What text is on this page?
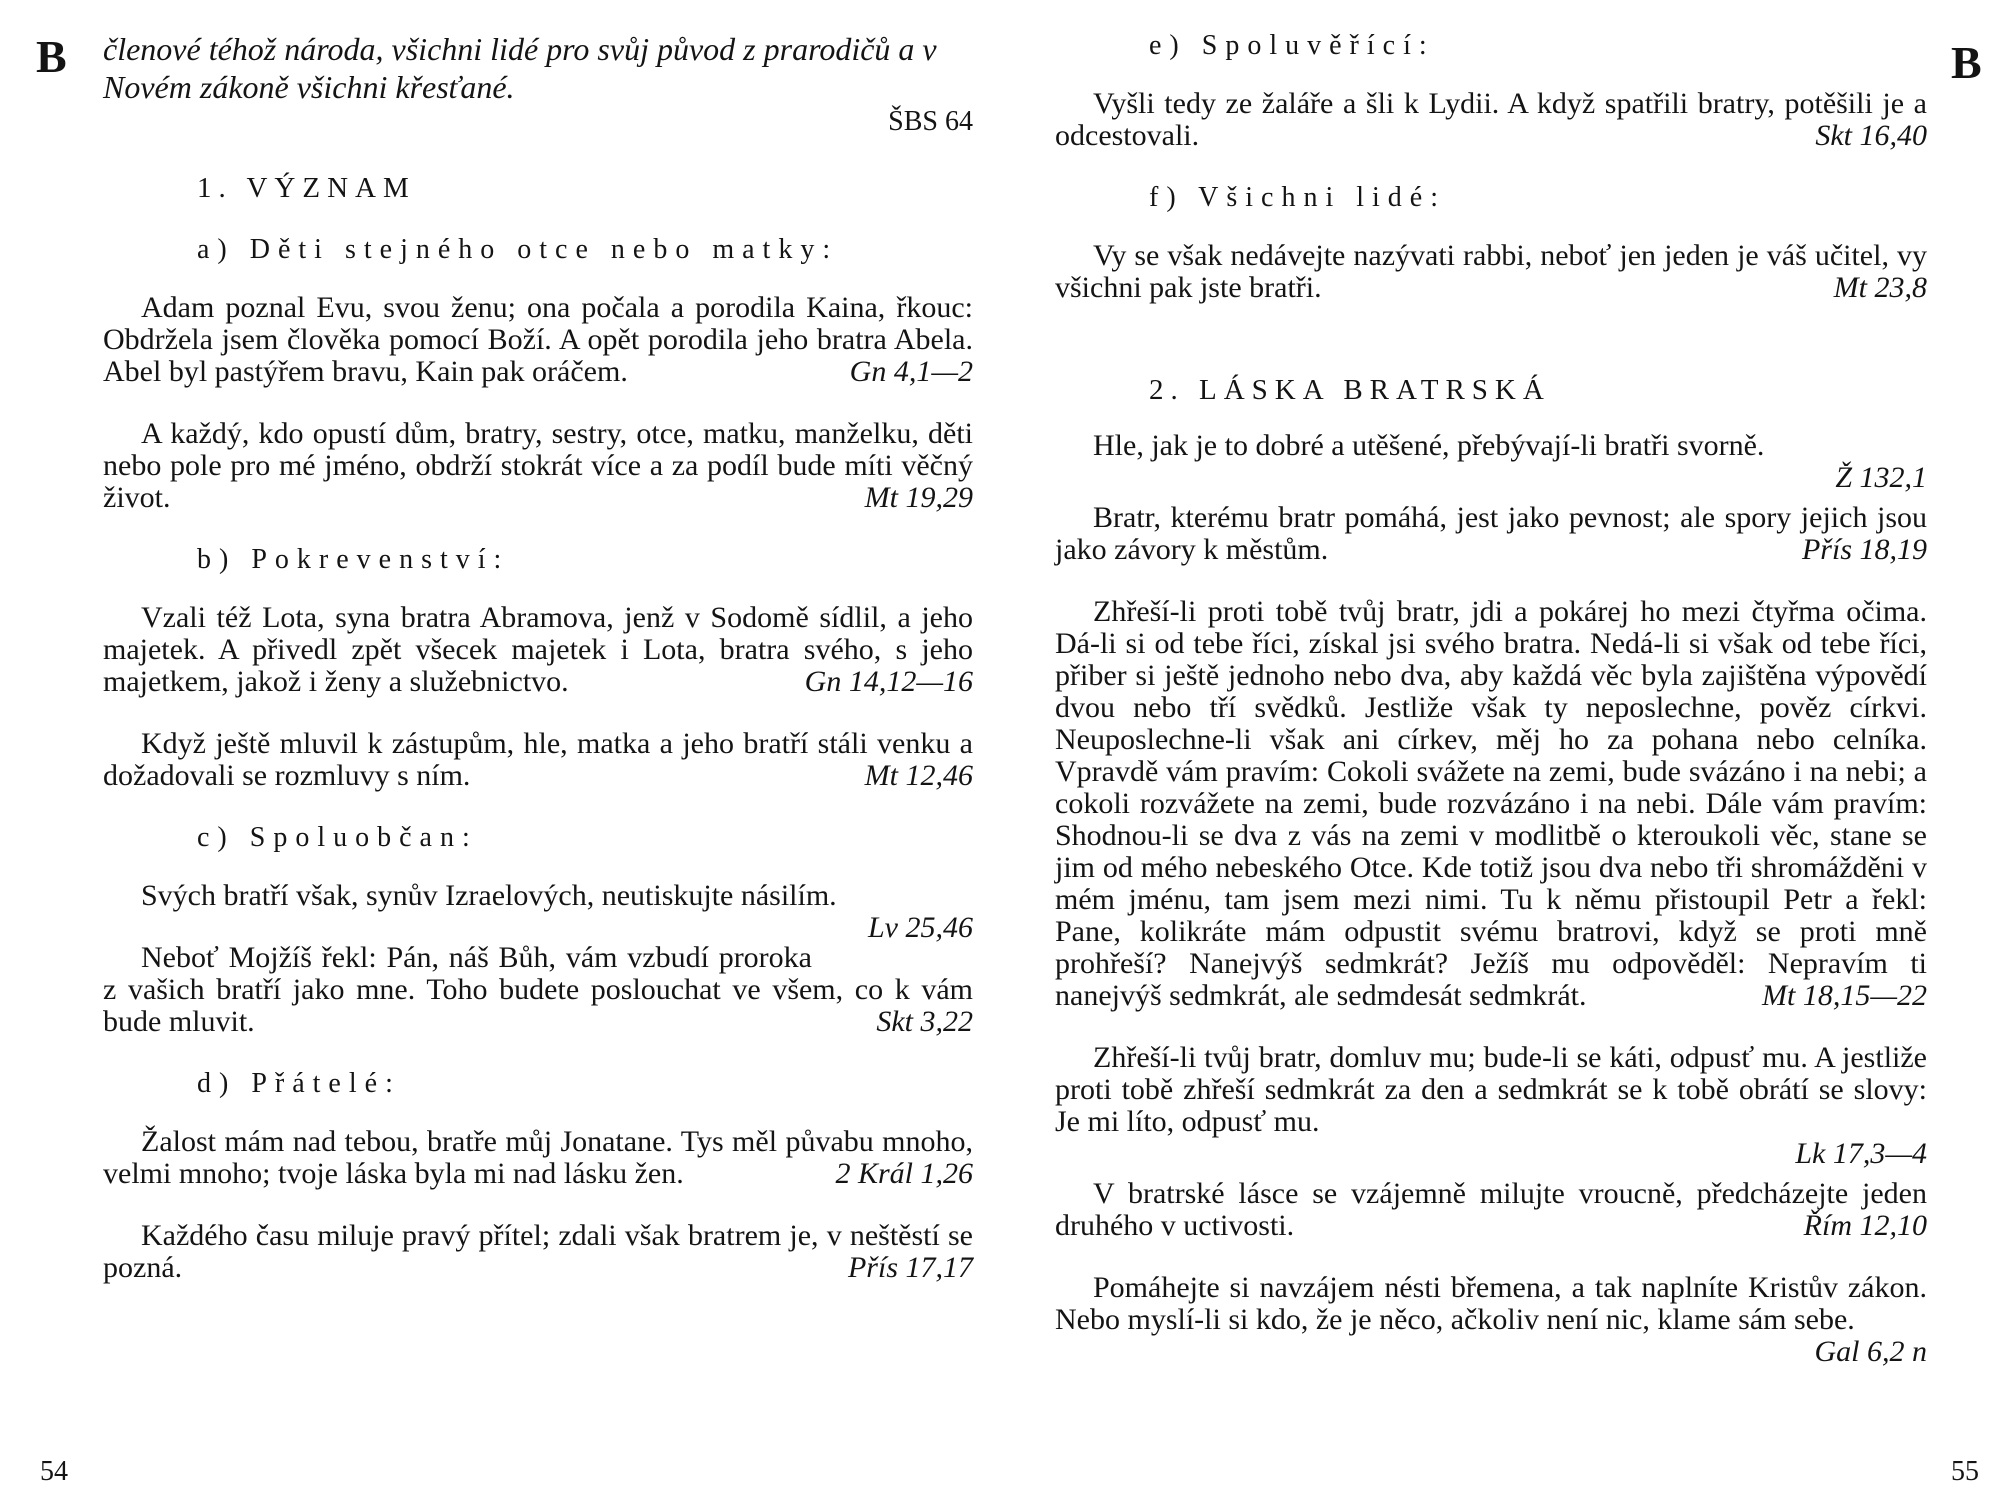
B
54
členové téhož národa, všichni lidé pro svůj původ z prarodičů a v Novém zákoně všichni křesťané.
ŠBS 64
1. VÝZNAM
a) Děti stejného otce nebo matky:

Adam poznal Evu, svou ženu; ona počala a porodila Kaina, řkouc: Obdržela jsem člověka pomocí Boží. A opět porodila jeho bratra Abela. Abel byl pastýřem bravu, Kain pak oráčem.	Gn 4,1—2

A každý, kdo opustí dům, bratry, sestry, otce, matku, manželku, děti nebo pole pro mé jméno, obdrží stokrát více a za podíl bude míti věčný život.	Mt 19,29

b) Pokrevenství:

Vzali též Lota, syna bratra Abramova, jenž v Sodomě sídlil, a jeho majetek. A přivedl zpět všecek majetek i Lota, bratra svého, s jeho majetkem, jakož i ženy a služebnictvo.	Gn 14,12—16

Když ještě mluvil k zástupům, hle, matka a jeho bratří stáli venku a dožadovali se rozmluvy s ním.	Mt 12,46

c) Spoluobčan:

Svých bratří však, synův Izraelových, neutiskujte násilím.
Lv 25,46

Neboť Mojžíš řekl: Pán, náš Bůh, vám vzbudí proroka z vašich bratří jako mne. Toho budete poslouchat ve všem, co k vám bude mluvit.	Skt 3,22

d) Přátelé:

Žalost mám nad tebou, bratře můj Jonatane. Tys měl půvabu mnoho, velmi mnoho; tvoje láska byla mi nad lásku žen.	2 Král 1,26

Každého času miluje pravý přítel; zdali však bratrem je, v neštěstí se pozná.	Přís 17,17

B
55
e) Spoluvěřící:

Vyšli tedy ze žaláře a šli k Lydii. A když spatřili bratry, potěšili je a odcestovali.	Skt 16,40

f) Všichni lidé:

Vy se však nedávejte nazývati rabbi, neboť jen jeden je váš učitel, vy všichni pak jste bratři.	Mt 23,8

2. LÁSKA BRATRSKÁ

Hle, jak je to dobré a utěšené, přebývají-li bratři svorně.
Ž 132,1

Bratr, kterému bratr pomáhá, jest jako pevnost; ale spory jejich jsou jako závory k městům.	Přís 18,19

Zhřeší-li proti tobě tvůj bratr, jdi a pokárej ho mezi čtyřma očima. Dá-li si od tebe říci, získal jsi svého bratra. Nedá-li si však od tebe říci, přiber si ještě jednoho nebo dva, aby každá věc byla zajištěna výpovědí dvou nebo tří svědků. Jestliže však ty neposlechne, pověz církvi. Neuposlechne-li však ani církev, měj ho za pohana nebo celníka. Vpravdě vám pravím: Cokoli svážete na zemi, bude svázáno i na nebi; a cokoli rozvážete na zemi, bude rozvázáno i na nebi. Dále vám pravím: Shodnou-li se dva z vás na zemi v modlitbě o kteroukoli věc, stane se jim od mého nebeského Otce. Kde totiž jsou dva nebo tři shromážděni v mém jménu, tam jsem mezi nimi. Tu k němu přistoupil Petr a řekl: Pane, kolikráte mám odpustit svému bratrovi, když se proti mně prohřeší? Nanejvýš sedmkrát? Ježíš mu odpověděl: Nepravím ti nanejvýš sedmkrát, ale sedmdesát sedmkrát.	Mt 18,15—22

Zhřeší-li tvůj bratr, domluv mu; bude-li se káti, odpusť mu. A jestliže proti tobě zhřeší sedmkrát za den a sedmkrát se k tobě obrátí se slovy: Je mi líto, odpusť mu.
Lk 17,3—4

V bratrské lásce se vzájemně milujte vroucně, předcházejte jeden druhého v uctivosti.	Řím 12,10

Pomáhejte si navzájem nésti břemena, a tak naplníte Kristův zákon. Nebo myslí-li si kdo, že je něco, ačkoliv není nic, klame sám sebe.
Gal 6,2 n
